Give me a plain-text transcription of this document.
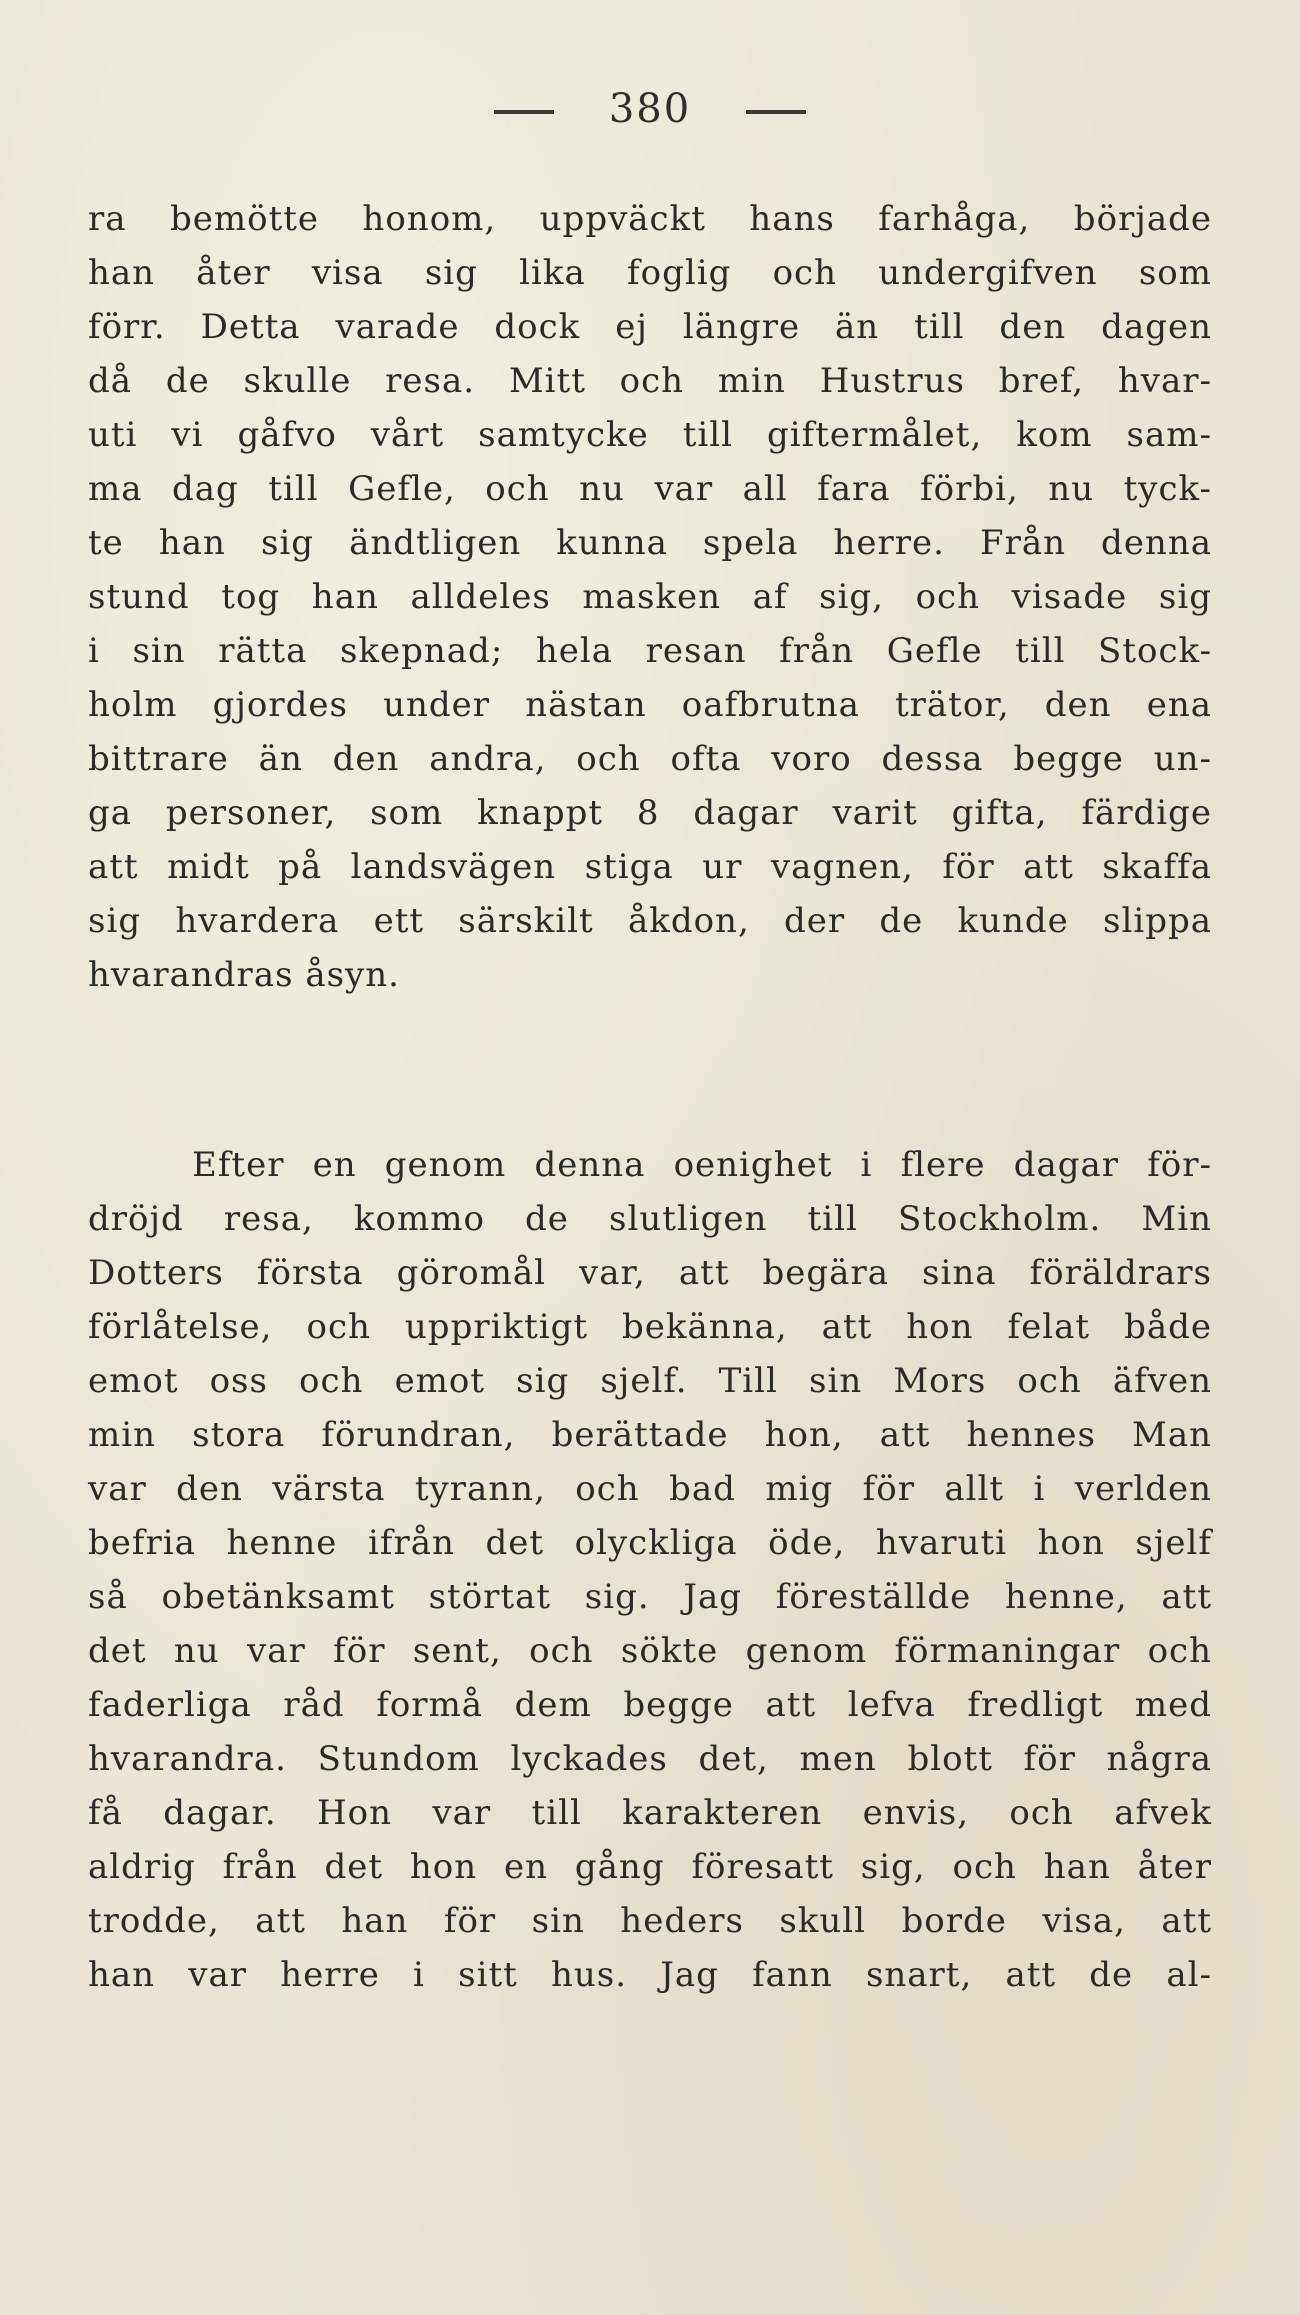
380
ra bemötte honom, uppväckt hans farhåga, började
han åter visa sig lika foglig och undergifven som
förr. Detta varade dock ej längre än till den dagen
då de skulle resa. Mitt och min Hustrus bref, hvar-
uti vi gåfvo vårt samtycke till giftermålet, kom sam-
ma dag till Gefle, och nu var all fara förbi, nu tyck-
te han sig ändtligen kunna spela herre. Från denna
stund tog han alldeles masken af sig, och visade sig
i sin rätta skepnad; hela resan från Gefle till Stock-
holm gjordes under nästan oafbrutna trätor, den ena
bittrare än den andra, och ofta voro dessa begge un-
ga personer, som knappt 8 dagar varit gifta, färdige
att midt på landsvägen stiga ur vagnen, för att skaffa
sig hvardera ett särskilt åkdon, der de kunde slippa
hvarandras åsyn.
Efter en genom denna oenighet i flere dagar för-
dröjd resa, kommo de slutligen till Stockholm. Min
Dotters första göromål var, att begära sina föräldrars
förlåtelse, och uppriktigt bekänna, att hon felat både
emot oss och emot sig sjelf. Till sin Mors och äfven
min stora förundran, berättade hon, att hennes Man
var den värsta tyrann, och bad mig för allt i verlden
befria henne ifrån det olyckliga öde, hvaruti hon sjelf
så obetänksamt störtat sig. Jag föreställde henne, att
det nu var för sent, och sökte genom förmaningar och
faderliga råd formå dem begge att lefva fredligt med
hvarandra. Stundom lyckades det, men blott för några
få dagar. Hon var till karakteren envis, och afvek
aldrig från det hon en gång föresatt sig, och han åter
trodde, att han för sin heders skull borde visa, att
han var herre i sitt hus. Jag fann snart, att de al-
